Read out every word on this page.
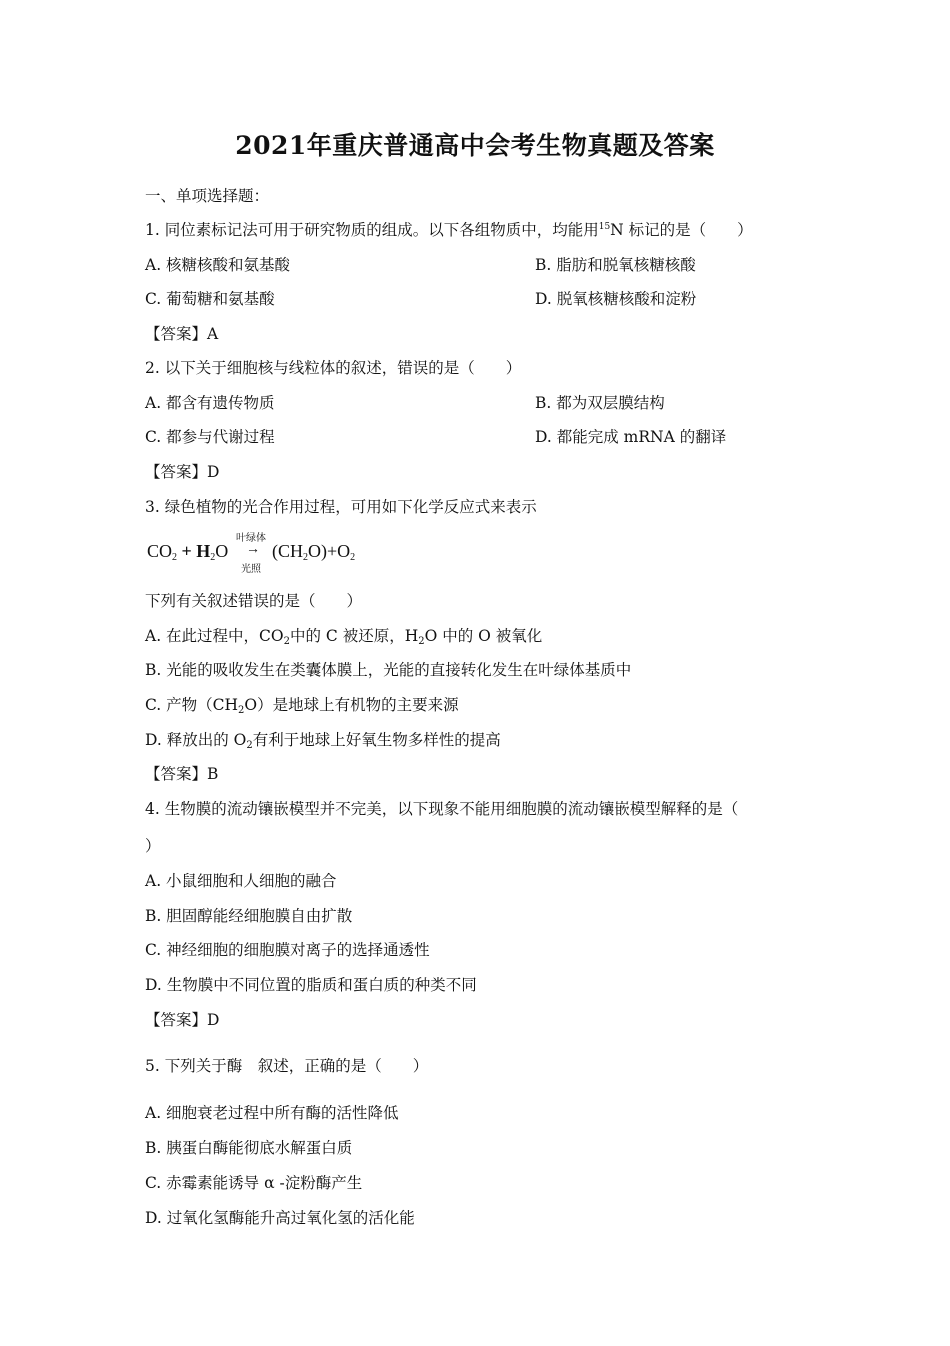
2021年重庆普通高中会考生物真题及答案
一、单项选择题：
1. 同位素标记法可用于研究物质的组成。以下各组物质中，均能用$^{15}$N 标记的是（　　）
A. 核糖核酸和氨基酸	B. 脂肪和脱氧核糖核酸
C. 葡萄糖和氨基酸	D. 脱氧核糖核酸和淀粉
【答案】A
2. 以下关于细胞核与线粒体的叙述，错误的是（　　）
A. 都含有遗传物质	B. 都为双层膜结构
C. 都参与代谢过程	D. 都能完成 mRNA 的翻译
【答案】D
3. 绿色植物的光合作用过程，可用如下化学反应式来表示
$CO_2 + H_2O$
叶绿体
→
光照
$(CH_2O)+O_2$
下列有关叙述错误的是（　　）
A. 在此过程中，$CO_2$中的 C 被还原，$H_2O$ 中的 O 被氧化
B. 光能的吸收发生在类囊体膜上，光能的直接转化发生在叶绿体基质中
C. 产物$(CH_2O)$是地球上有机物的主要来源
D. 释放出的 $O_2$有利于地球上好氧生物多样性的提高
【答案】B
4. 生物膜的流动镶嵌模型并不完美，以下现象不能用细胞膜的流动镶嵌模型解释的是（
）
A. 小鼠细胞和人细胞的融合
B. 胆固醇能经细胞膜自由扩散
C. 神经细胞的细胞膜对离子的选择通透性
D. 生物膜中不同位置的脂质和蛋白质的种类不同
【答案】D
5. 下列关于酶　叙述，正确的是（　　）
A. 细胞衰老过程中所有酶的活性降低
B. 胰蛋白酶能彻底水解蛋白质
C. 赤霉素能诱导 α -淀粉酶产生
D. 过氧化氢酶能升高过氧化氢的活化能
